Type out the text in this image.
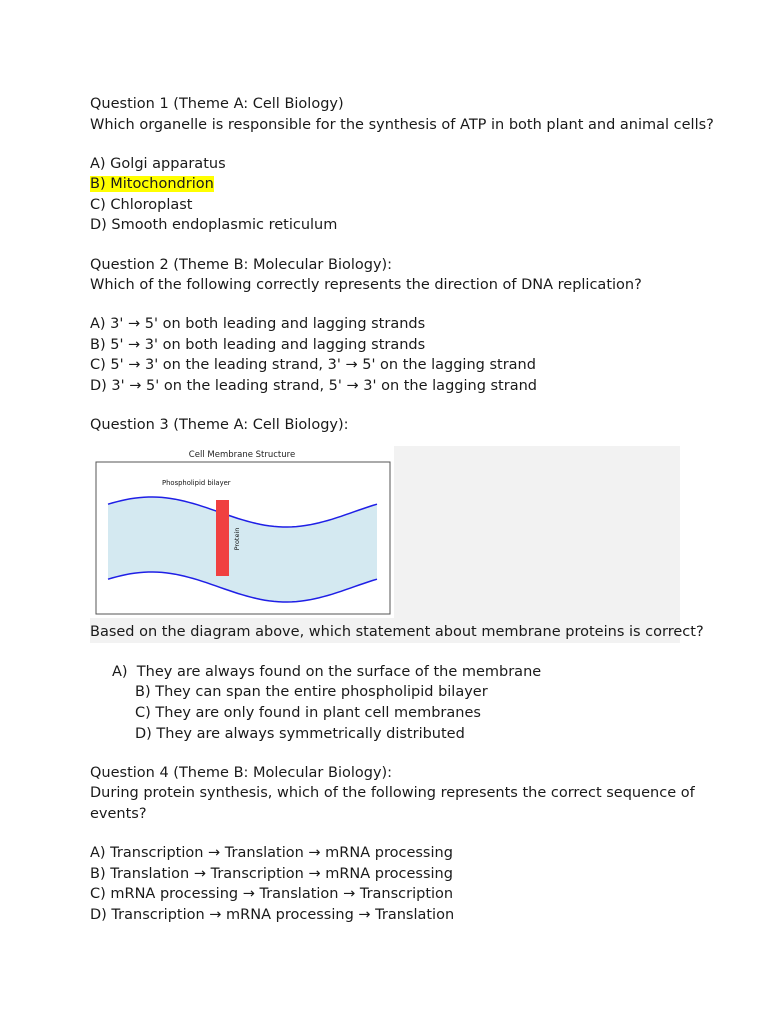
Question 1 (Theme A: Cell Biology)
Which organelle is responsible for the synthesis of ATP in both plant and animal cells?
A) Golgi apparatus
B) Mitochondrion
C) Chloroplast
D) Smooth endoplasmic reticulum
Question 2 (Theme B: Molecular Biology):
Which of the following correctly represents the direction of DNA replication?
A) 3' → 5' on both leading and lagging strands
B) 5' → 3' on both leading and lagging strands
C) 5' → 3' on the leading strand, 3' → 5' on the lagging strand
D) 3' → 5' on the leading strand, 5' → 3' on the lagging strand
Question 3 (Theme A: Cell Biology):
Cell Membrane Structure
Phospholipid bilayer
Protein
Based on the diagram above, which statement about membrane proteins is correct?
A) They are always found on the surface of the membrane
B) They can span the entire phospholipid bilayer
C) They are only found in plant cell membranes
D) They are always symmetrically distributed
Question 4 (Theme B: Molecular Biology):
During protein synthesis, which of the following represents the correct sequence of
events?
A) Transcription → Translation → mRNA processing
B) Translation → Transcription → mRNA processing
C) mRNA processing → Translation → Transcription
D) Transcription → mRNA processing → Translation
